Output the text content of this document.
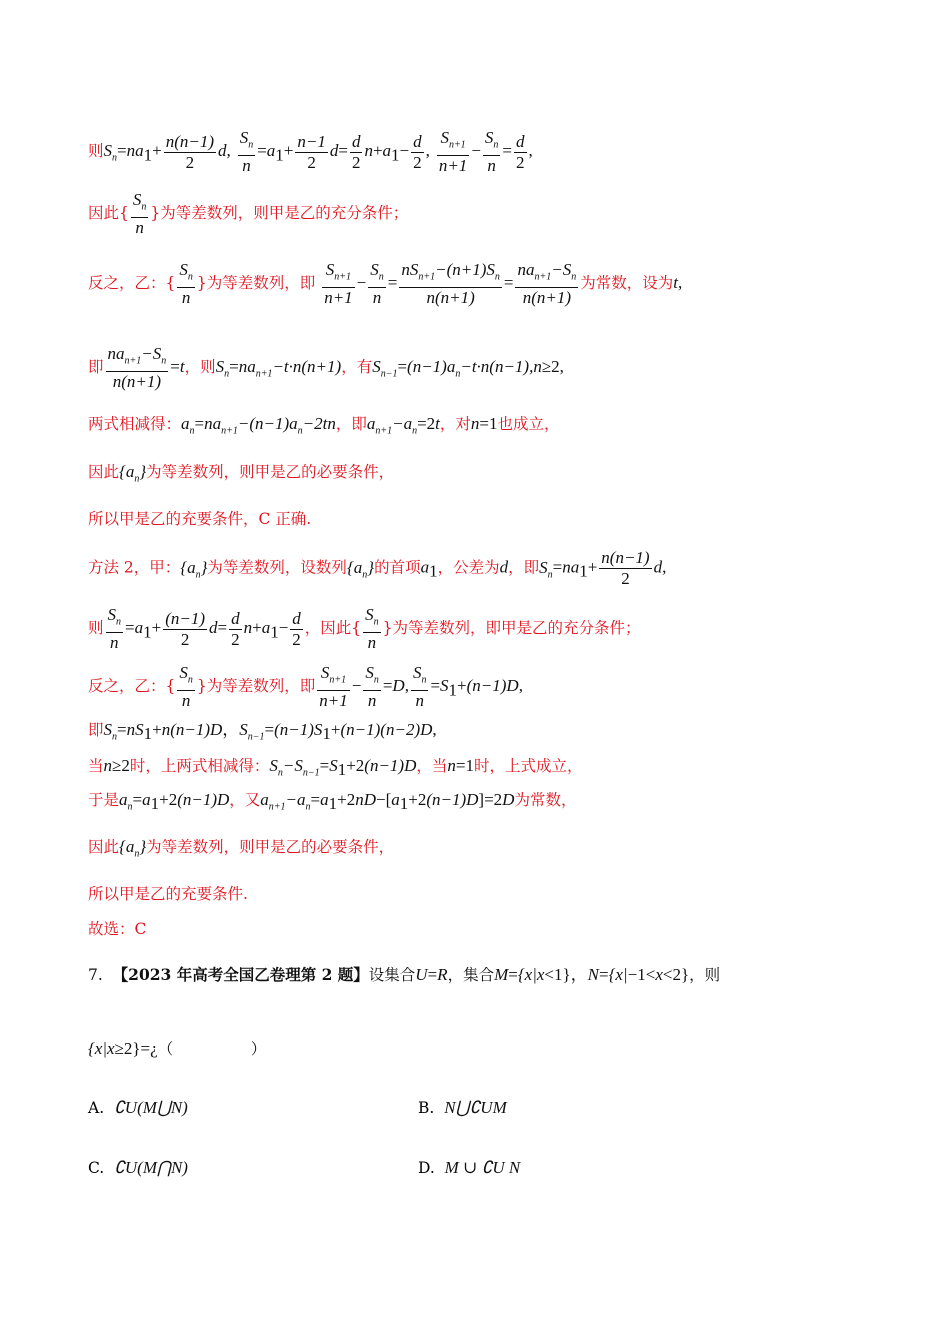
则$S_n=na_1+ \frac{n(n-1)}{2} d$, $\frac{S_n}{n} =a_1+ \frac{n-1}{2} d= \frac{d}{2} n+a_1- \frac{d}{2}$ , $\frac{S_{n+1}}{n+1} - \frac{S_n}{n} = \frac{d}{2}$ ,
因此{ $\frac{S_n}{n}$ }为等差数列，则甲是乙的充分条件；
反之，乙：{ $\frac{S_n}{n}$ }为等差数列，即 $\frac{S_{n+1}}{n+1} - \frac{S_n}{n} = \frac{nS_{n+1}-(n+1)S_n}{n(n+1)} = \frac{na_{n+1}-S_n}{n(n+1)}$ 为常数，设为t,
即 $\frac{na_{n+1}-S_n}{n(n+1)} =t$，则$S_n=na_{n+1}-t\cdot n(n+1)$，有$S_{n-1}=(n-1)a_n-t\cdot n(n-1),n\ge 2$,
两式相减得：$a_n=na_{n+1}-(n-1)a_n-2tn$，即$a_{n+1}-a_n=2t$，对n=1也成立，
因此$\{a_n\}$为等差数列，则甲是乙的必要条件，
所以甲是乙的充要条件，C 正确.
方法 2，甲：$\{a_n\}$为等差数列，设数列$\{a_n\}$的首项$a_1$，公差为d，即$S_n=na_1+ \frac{n(n-1)}{2} d$,
则 $\frac{S_n}{n} =a_1+ \frac{(n-1)}{2} d= \frac{d}{2} n+a_1- \frac{d}{2}$ ，因此{ $\frac{S_n}{n}$ }为等差数列，即甲是乙的充分条件；
反之，乙：{ $\frac{S_n}{n}$ }为等差数列，即 $\frac{S_{n+1}}{n+1} - \frac{S_n}{n} =D$, $\frac{S_n}{n} =S_1+(n-1)D$,
即$S_n=nS_1+n(n-1)D$，$S_{n-1}=(n-1)S_1+(n-1)(n-2)D$,
当n≥2时，上两式相减得：$S_n-S_{n-1}=S_1+2(n-1)D$，当n=1时，上式成立，
于是$a_n=a_1+2(n-1)D$，又$a_{n+1}-a_n=a_1+2nD-[a_1+2(n-1)D]=2D$为常数，
因此$\{a_n\}$为等差数列，则甲是乙的必要条件，
所以甲是乙的充要条件.
故选：C
7. 【2023 年高考全国乙卷理第 2 题】设集合U=R，集合M={x|x<1}，N={x|−1<x<2}，则
{x|x≥2}=¿（　　　　　）
A. ∁U(M⋃N)	B. N⋃∁UM
C. ∁U(M⋂N)	D. M ∪ ∁U N
